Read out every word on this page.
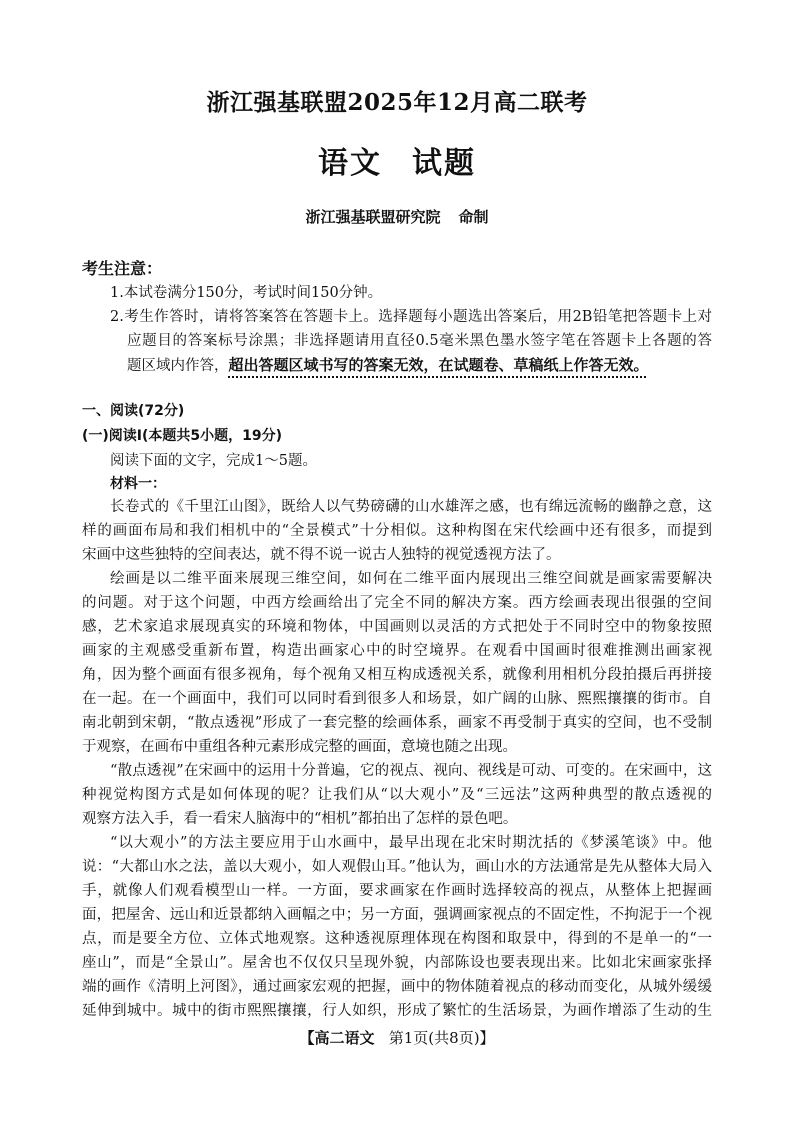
浙江强基联盟2025年12月高二联考
语文 试题
浙江强基联盟研究院 命制
考生注意：
1.本试卷满分150分，考试时间150分钟。
2.考生作答时，请将答案答在答题卡上。选择题每小题选出答案后，用2B铅笔把答题卡上对
应题目的答案标号涂黑；非选择题请用直径0.5毫米黑色墨水签字笔在答题卡上各题的答
题区域内作答，超出答题区域书写的答案无效，在试题卷、草稿纸上作答无效。
一、阅读(72分)
(一)阅读Ⅰ(本题共5小题，19分)
阅读下面的文字，完成1～5题。
材料一：
长卷式的《千里江山图》，既给人以气势磅礴的山水雄浑之感，也有绵远流畅的幽静之意，这
样的画面布局和我们相机中的“全景模式”十分相似。这种构图在宋代绘画中还有很多，而提到
宋画中这些独特的空间表达，就不得不说一说古人独特的视觉透视方法了。
绘画是以二维平面来展现三维空间，如何在二维平面内展现出三维空间就是画家需要解决
的问题。对于这个问题，中西方绘画给出了完全不同的解决方案。西方绘画表现出很强的空间
感，艺术家追求展现真实的环境和物体，中国画则以灵活的方式把处于不同时空中的物象按照
画家的主观感受重新布置，构造出画家心中的时空境界。在观看中国画时很难推测出画家视
角，因为整个画面有很多视角，每个视角又相互构成透视关系，就像利用相机分段拍摄后再拼接
在一起。在一个画面中，我们可以同时看到很多人和场景，如广阔的山脉、熙熙攘攘的街市。自
南北朝到宋朝，“散点透视”形成了一套完整的绘画体系，画家不再受制于真实的空间，也不受制
于观察，在画布中重组各种元素形成完整的画面，意境也随之出现。
“散点透视”在宋画中的运用十分普遍，它的视点、视向、视线是可动、可变的。在宋画中，这
种视觉构图方式是如何体现的呢？让我们从“以大观小”及“三远法”这两种典型的散点透视的
观察方法入手，看一看宋人脑海中的“相机”都拍出了怎样的景色吧。
“以大观小”的方法主要应用于山水画中，最早出现在北宋时期沈括的《梦溪笔谈》中。他
说：“大都山水之法，盖以大观小，如人观假山耳。”他认为，画山水的方法通常是先从整体大局入
手，就像人们观看模型山一样。一方面，要求画家在作画时选择较高的视点，从整体上把握画
面，把屋舍、远山和近景都纳入画幅之中；另一方面，强调画家视点的不固定性，不拘泥于一个视
点，而是要全方位、立体式地观察。这种透视原理体现在构图和取景中，得到的不是单一的“一
座山”，而是“全景山”。屋舍也不仅仅只呈现外貌，内部陈设也要表现出来。比如北宋画家张择
端的画作《清明上河图》，通过画家宏观的把握，画中的物体随着视点的移动而变化，从城外缓缓
延伸到城中。城中的街市熙熙攘攘，行人如织，形成了繁忙的生活场景，为画作增添了生动的生
【高二语文 第1页(共8页)】
